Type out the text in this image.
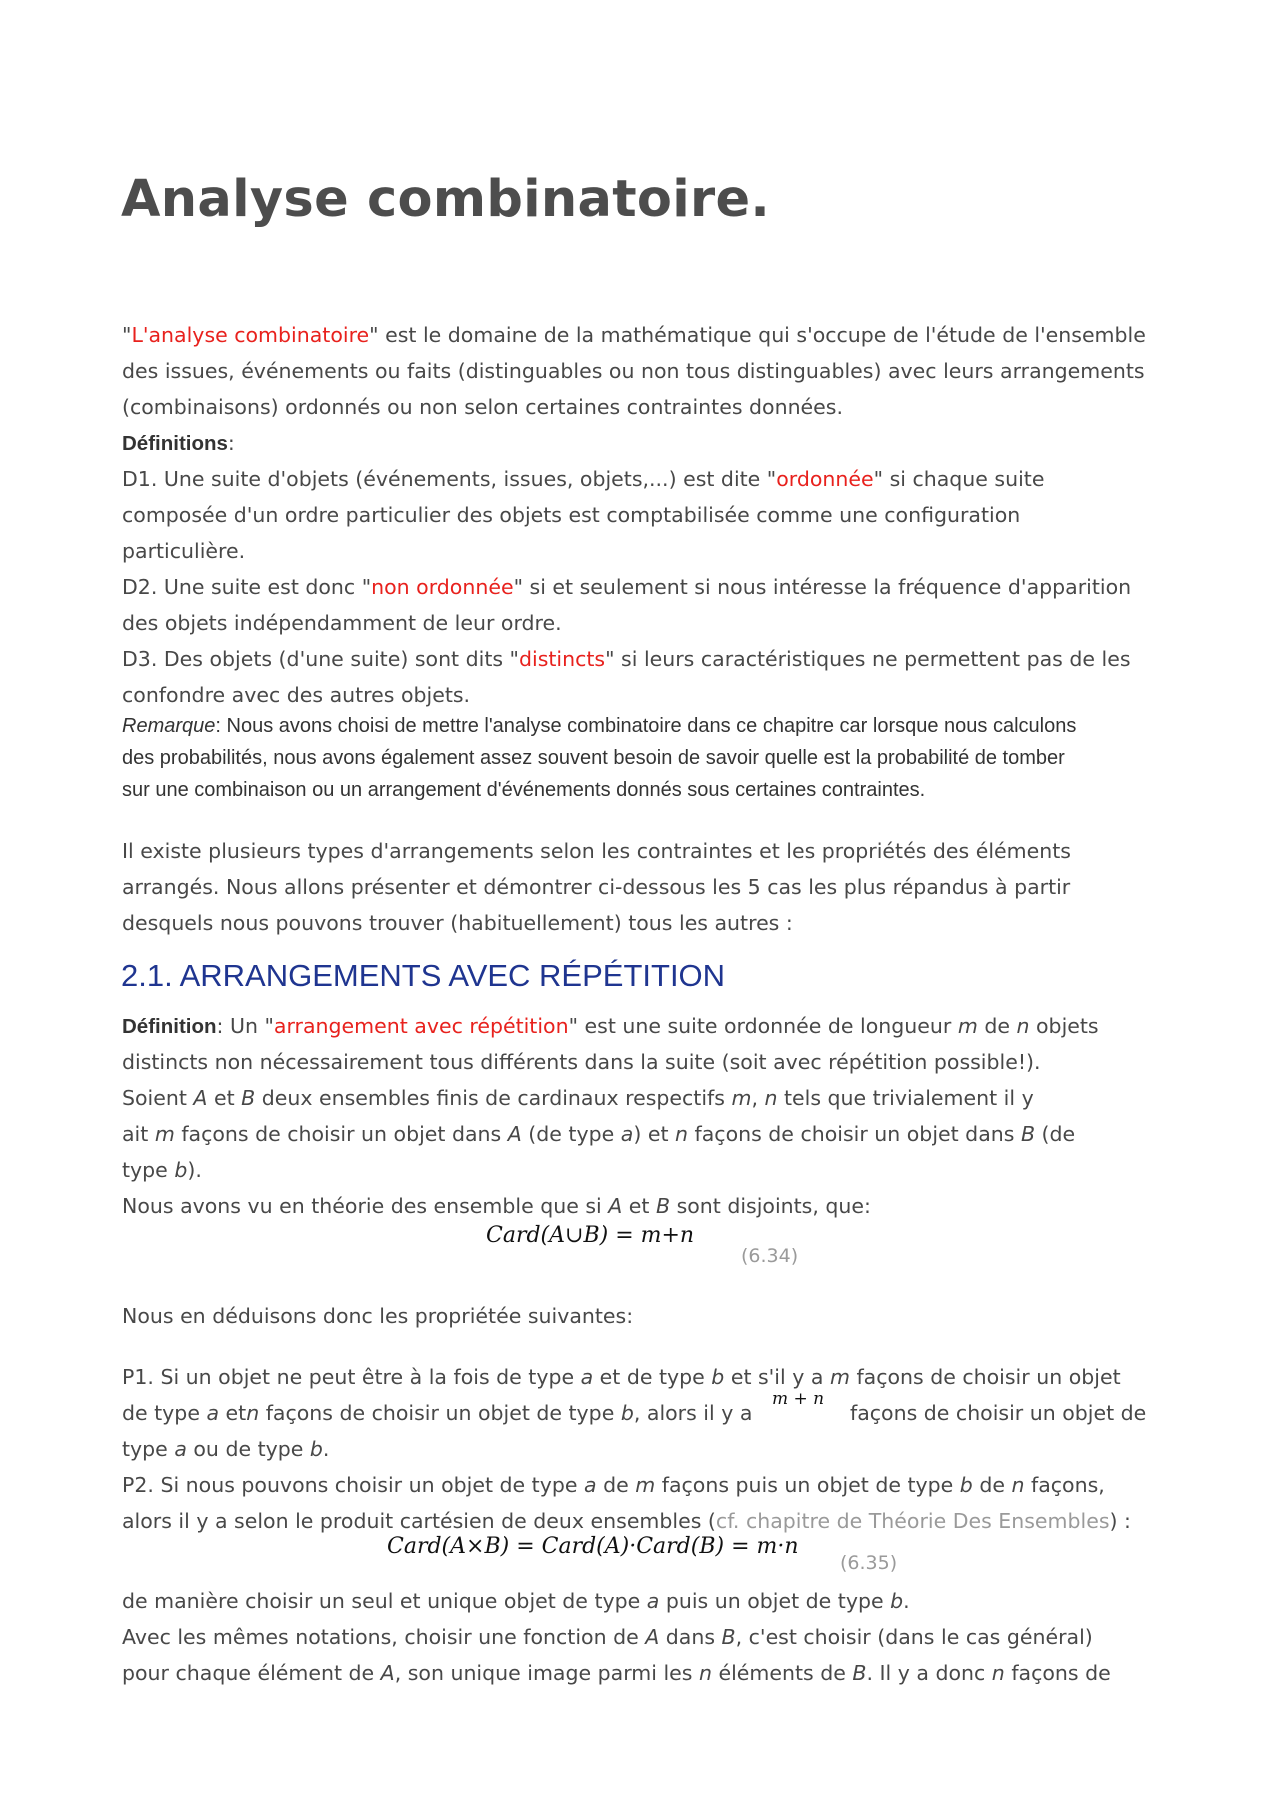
Analyse combinatoire.
"L'analyse combinatoire" est le domaine de la mathématique qui s'occupe de l'étude de l'ensemble
des issues, événements ou faits (distinguables ou non tous distinguables) avec leurs arrangements
(combinaisons) ordonnés ou non selon certaines contraintes données.
Définitions:
D1. Une suite d'objets (événements, issues, objets,...) est dite "ordonnée" si chaque suite
composée d'un ordre particulier des objets est comptabilisée comme une configuration
particulière.
D2. Une suite est donc "non ordonnée" si et seulement si nous intéresse la fréquence d'apparition
des objets indépendamment de leur ordre.
D3. Des objets (d'une suite) sont dits "distincts" si leurs caractéristiques ne permettent pas de les
confondre avec des autres objets.
Remarque: Nous avons choisi de mettre l'analyse combinatoire dans ce chapitre car lorsque nous calculons
des probabilités, nous avons également assez souvent besoin de savoir quelle est la probabilité de tomber
sur une combinaison ou un arrangement d'événements donnés sous certaines contraintes.
Il existe plusieurs types d'arrangements selon les contraintes et les propriétés des éléments
arrangés. Nous allons présenter et démontrer ci-dessous les 5 cas les plus répandus à partir
desquels nous pouvons trouver (habituellement) tous les autres :
2.1. ARRANGEMENTS AVEC RÉPÉTITION
Définition: Un "arrangement avec répétition" est une suite ordonnée de longueur m de n objets
distincts non nécessairement tous différents dans la suite (soit avec répétition possible!).
Soient A et B deux ensembles finis de cardinaux respectifs m, n tels que trivialement il y
ait m façons de choisir un objet dans A (de type a) et n façons de choisir un objet dans B (de
type b).
Nous avons vu en théorie des ensemble que si A et B sont disjoints, que:
Card(A∪B) = m+n
(6.34)
Nous en déduisons donc les propriétée suivantes:
P1. Si un objet ne peut être à la fois de type a et de type b et s'il y a m façons de choisir un objet
de type a etn façons de choisir un objet de type b, alors il y a
m + n
façons de choisir un objet de
type a ou de type b.
P2. Si nous pouvons choisir un objet de type a de m façons puis un objet de type b de n façons,
alors il y a selon le produit cartésien de deux ensembles (cf. chapitre de Théorie Des Ensembles) :
Card(A×B) = Card(A)·Card(B) = m·n
(6.35)
de manière choisir un seul et unique objet de type a puis un objet de type b.
Avec les mêmes notations, choisir une fonction de A dans B, c'est choisir (dans le cas général)
pour chaque élément de A, son unique image parmi les n éléments de B. Il y a donc n façons de
